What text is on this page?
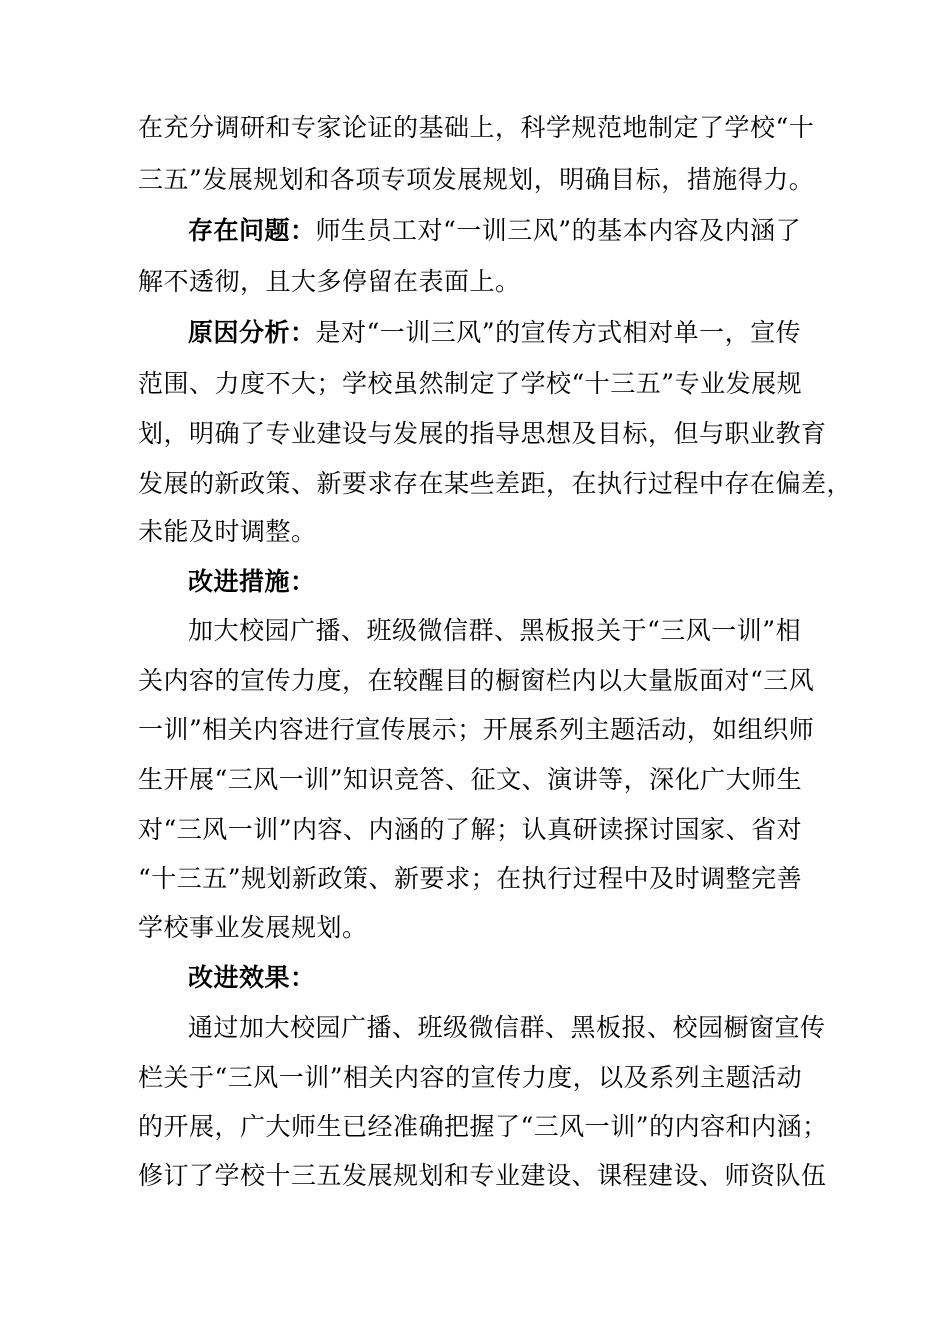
在充分调研和专家论证的基础上，科学规范地制定了学校“十
三五”发展规划和各项专项发展规划，明确目标，措施得力。
存在问题：师生员工对“一训三风”的基本内容及内涵了
解不透彻，且大多停留在表面上。
原因分析：是对“一训三风”的宣传方式相对单一，宣传
范围、力度不大；学校虽然制定了学校“十三五”专业发展规
划，明确了专业建设与发展的指导思想及目标，但与职业教育
发展的新政策、新要求存在某些差距，在执行过程中存在偏差，
未能及时调整。
改进措施：
加大校园广播、班级微信群、黑板报关于“三风一训”相
关内容的宣传力度，在较醒目的橱窗栏内以大量版面对“三风
一训”相关内容进行宣传展示；开展系列主题活动，如组织师
生开展“三风一训”知识竞答、征文、演讲等，深化广大师生
对“三风一训”内容、内涵的了解；认真研读探讨国家、省对
“十三五”规划新政策、新要求；在执行过程中及时调整完善
学校事业发展规划。
改进效果：
通过加大校园广播、班级微信群、黑板报、校园橱窗宣传
栏关于“三风一训”相关内容的宣传力度，以及系列主题活动
的开展，广大师生已经准确把握了“三风一训”的内容和内涵；
修订了学校十三五发展规划和专业建设、课程建设、师资队伍
